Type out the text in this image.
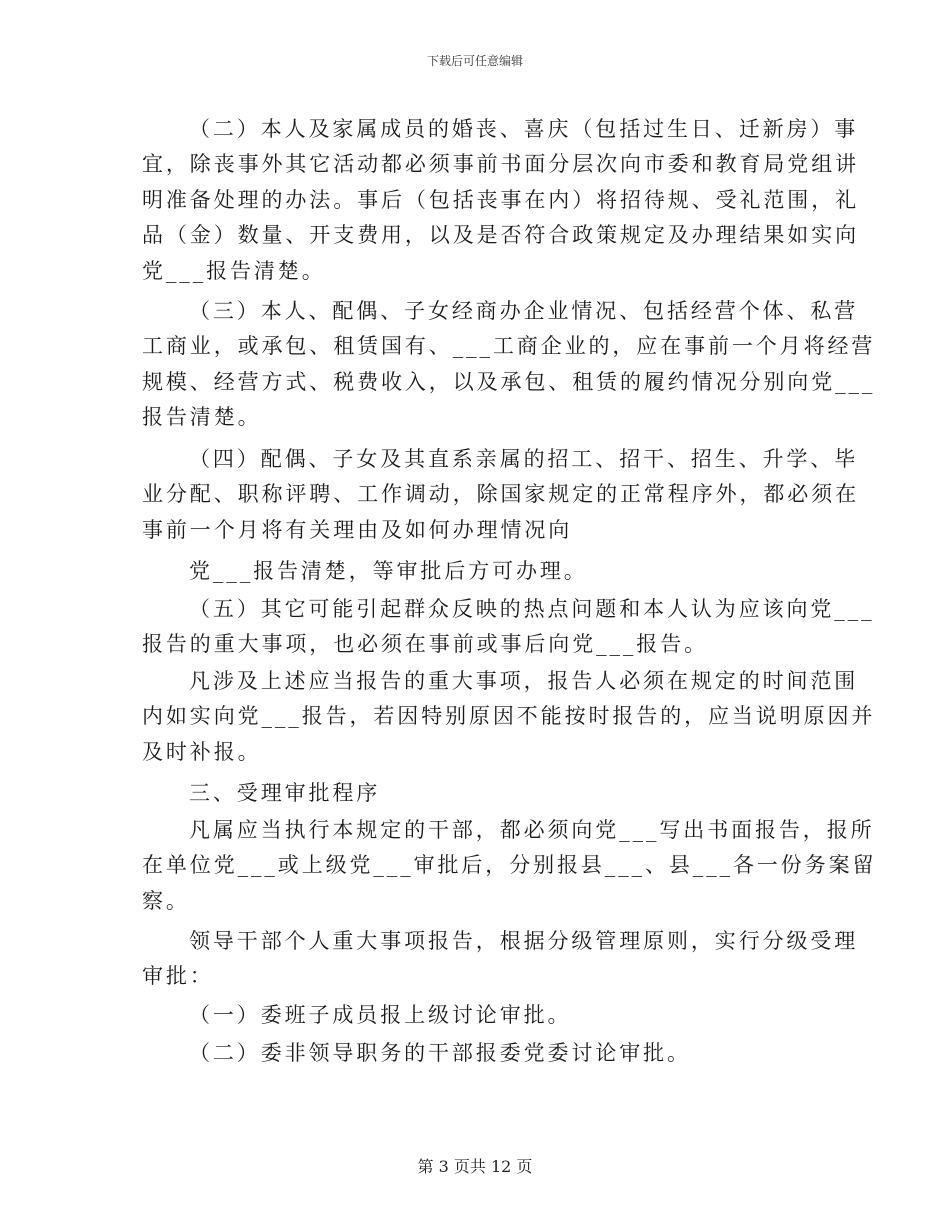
下载后可任意编辑
（二）本人及家属成员的婚丧、喜庆（包括过生日、迁新房）事
宜，除丧事外其它活动都必须事前书面分层次向市委和教育局党组讲
明准备处理的办法。事后（包括丧事在内）将招待规、受礼范围，礼
品（金）数量、开支费用，以及是否符合政策规定及办理结果如实向
党___报告清楚。
（三）本人、配偶、子女经商办企业情况、包括经营个体、私营
工商业，或承包、租赁国有、___工商企业的，应在事前一个月将经营
规模、经营方式、税费收入，以及承包、租赁的履约情况分别向党___
报告清楚。
（四）配偶、子女及其直系亲属的招工、招干、招生、升学、毕
业分配、职称评聘、工作调动，除国家规定的正常程序外，都必须在
事前一个月将有关理由及如何办理情况向
党___报告清楚，等审批后方可办理。
（五）其它可能引起群众反映的热点问题和本人认为应该向党___
报告的重大事项，也必须在事前或事后向党___报告。
凡涉及上述应当报告的重大事项，报告人必须在规定的时间范围
内如实向党___报告，若因特别原因不能按时报告的，应当说明原因并
及时补报。
三、受理审批程序
凡属应当执行本规定的干部，都必须向党___写出书面报告，报所
在单位党___或上级党___审批后，分别报县___、县___各一份务案留
察。
领导干部个人重大事项报告，根据分级管理原则，实行分级受理
审批：
（一）委班子成员报上级讨论审批。
（二）委非领导职务的干部报委党委讨论审批。
第 3 页共 12 页
